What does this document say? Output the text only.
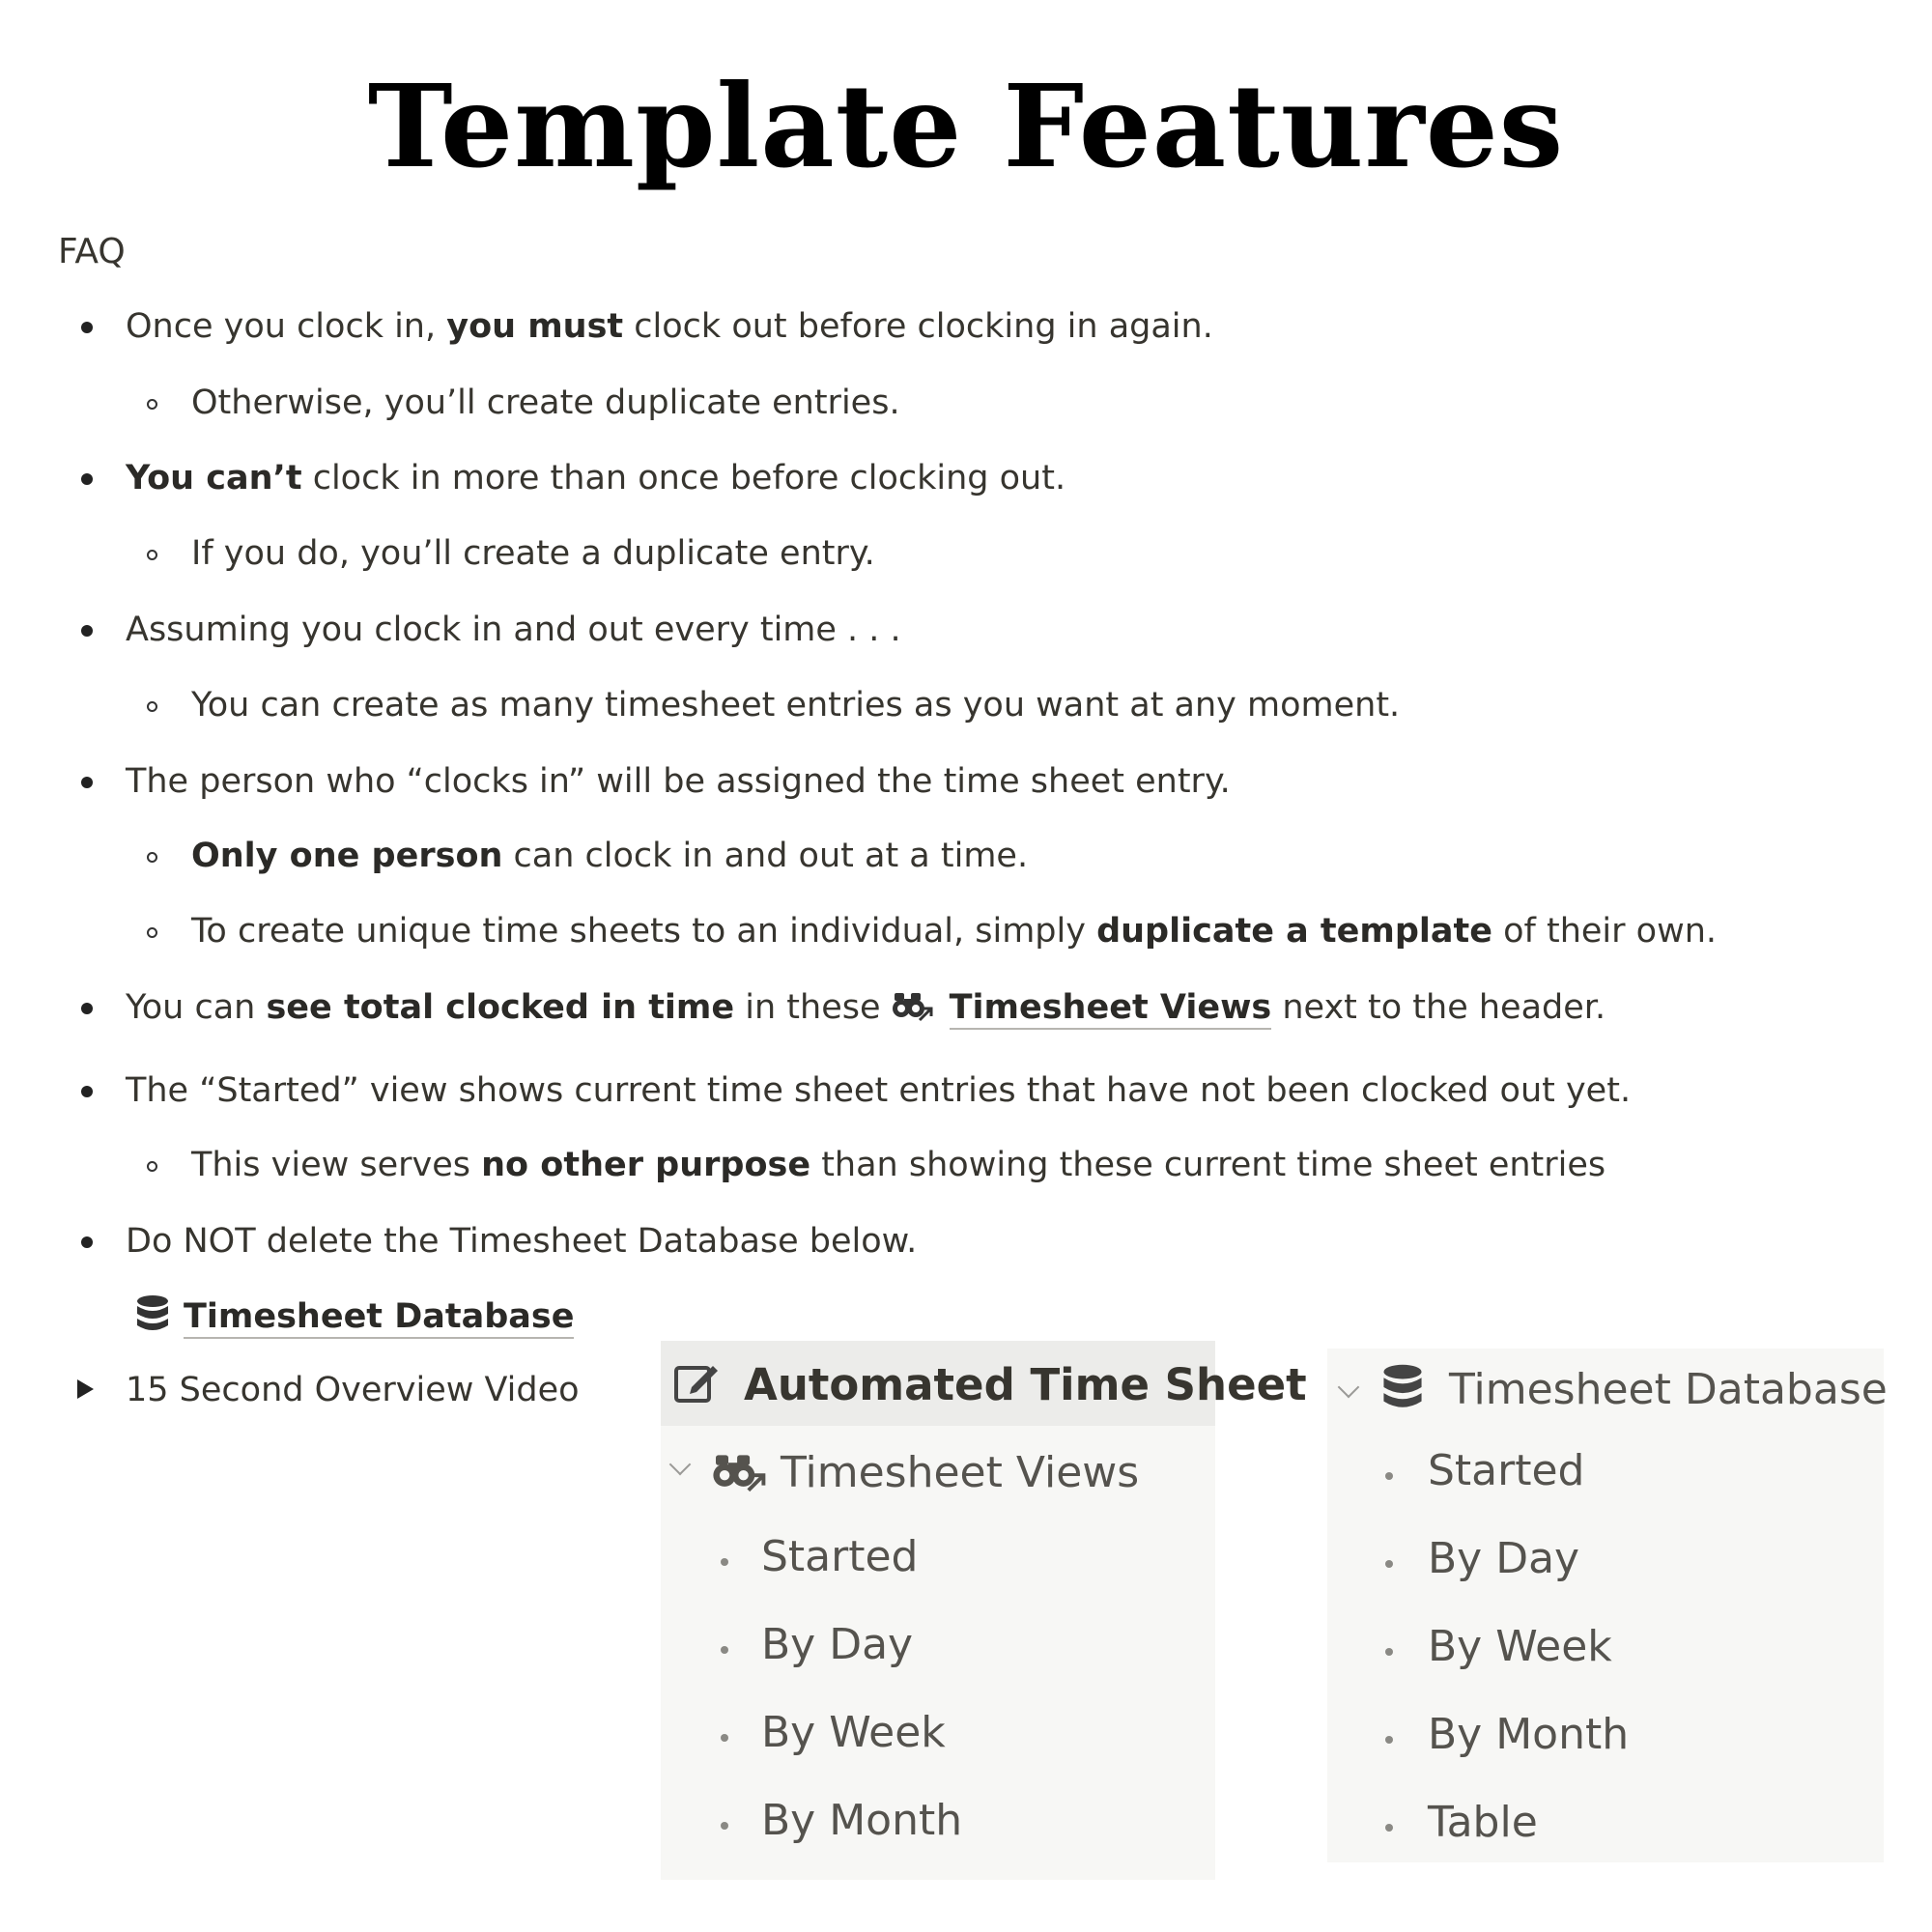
Template Features
FAQ
Once you clock in, you must clock out before clocking in again.
Otherwise, you’ll create duplicate entries.
You can’t clock in more than once before clocking out.
If you do, you’ll create a duplicate entry.
Assuming you clock in and out every time . . .
You can create as many timesheet entries as you want at any moment.
The person who “clocks in” will be assigned the time sheet entry.
Only one person can clock in and out at a time.
To create unique time sheets to an individual, simply duplicate a template of their own.
You can see total clocked in time in these Timesheet Views next to the header.
The “Started” view shows current time sheet entries that have not been clocked out yet.
This view serves no other purpose than showing these current time sheet entries
Do NOT delete the Timesheet Database below.
Timesheet Database
15 Second Overview Video	Automated Time Sheet
Timesheet Views
Started
By Day
By Week
By Month
Timesheet Database
Started
By Day
By Week
By Month
Table
